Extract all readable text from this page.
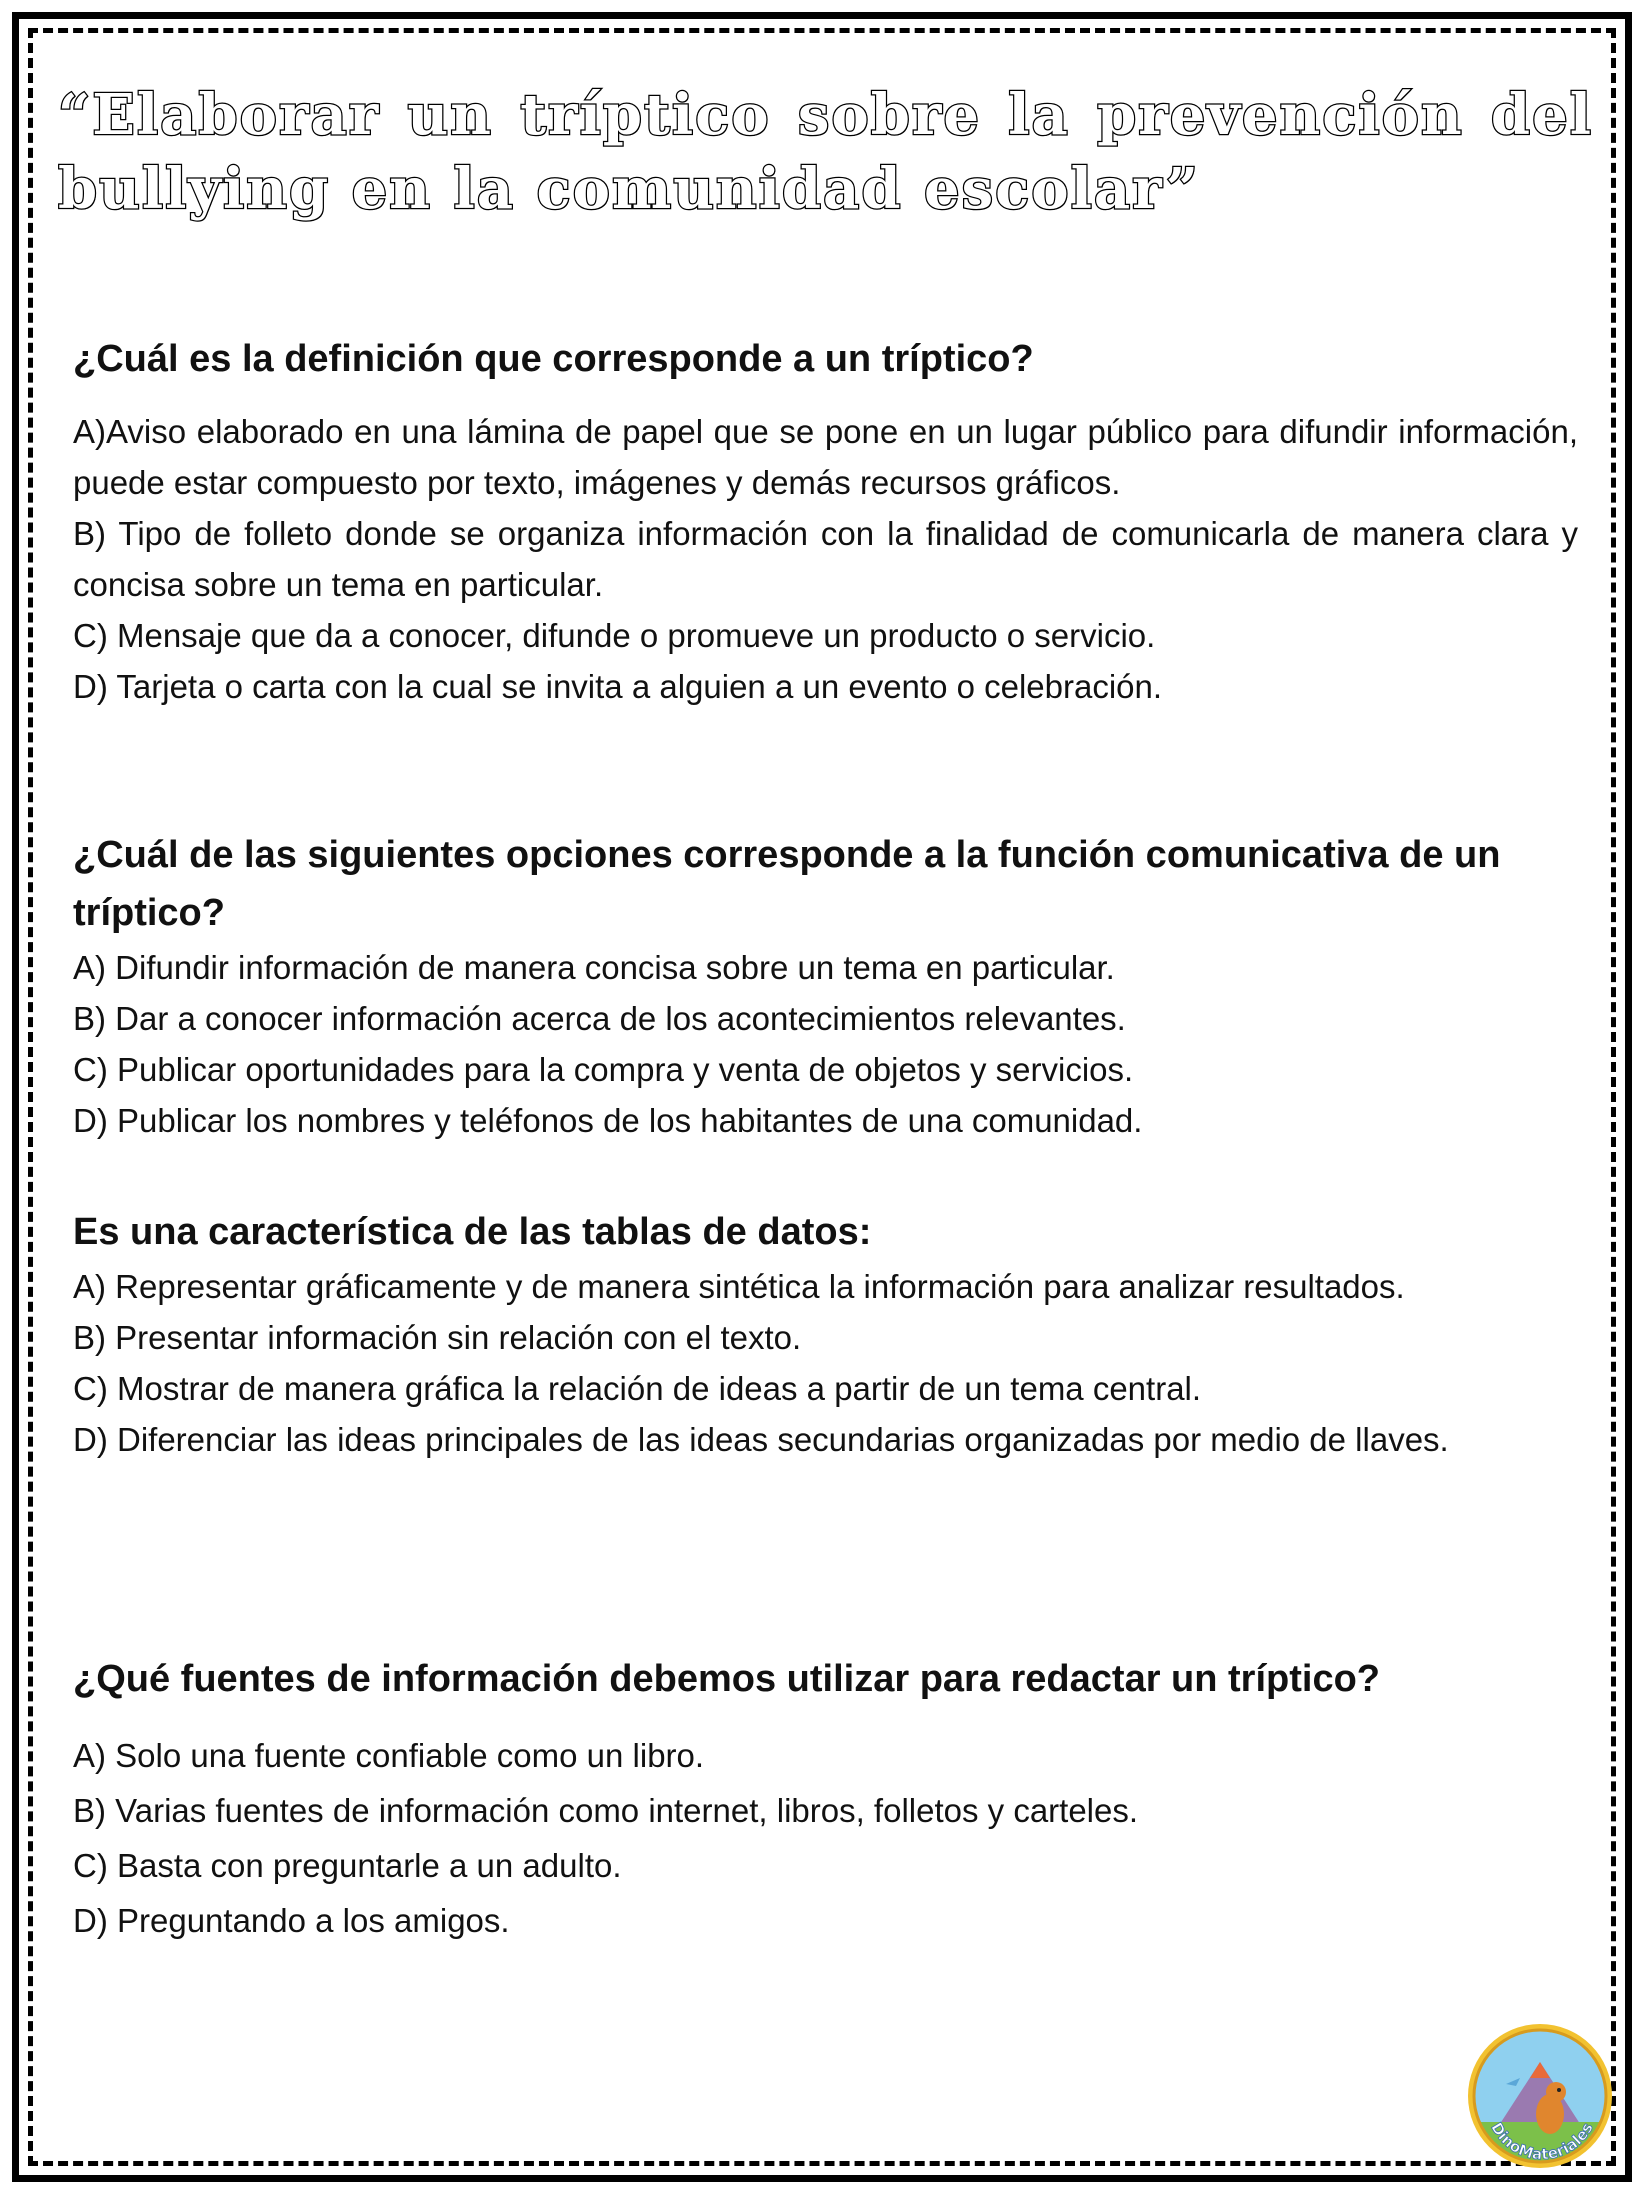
“Elaborar un tríptico sobre la prevención del bullying en la comunidad escolar”

¿Cuál es la definición que corresponde a un tríptico?

A)Aviso elaborado en una lámina de papel que se pone en un lugar público para difundir información, puede estar compuesto por texto, imágenes y demás recursos gráficos.

B) Tipo de folleto donde se organiza información con la finalidad de comunicarla de manera clara y concisa sobre un tema en particular.

C) Mensaje que da a conocer, difunde o promueve un producto o servicio.

D) Tarjeta o carta con la cual se invita a alguien a un evento o celebración.

¿Cuál de las siguientes opciones corresponde a la función comunicativa de un tríptico?

A) Difundir información de manera concisa sobre un tema en particular.

B) Dar a conocer información acerca de los acontecimientos relevantes.

C) Publicar oportunidades para la compra y venta de objetos y servicios.

D) Publicar los nombres y teléfonos de los habitantes de una comunidad.

Es una característica de las tablas de datos:

A) Representar gráficamente y de manera sintética la información para analizar resultados.

B) Presentar información sin relación con el texto.

C) Mostrar de manera gráfica la relación de ideas a partir de un tema central.

D) Diferenciar las ideas principales de las ideas secundarias organizadas por medio de llaves.

¿Qué fuentes de información debemos utilizar para redactar un tríptico?

A) Solo una fuente confiable como un libro.

B) Varias fuentes de información como internet, libros, folletos y carteles.

C) Basta con preguntarle a un adulto.

D) Preguntando a los amigos.

DinoMateriales
